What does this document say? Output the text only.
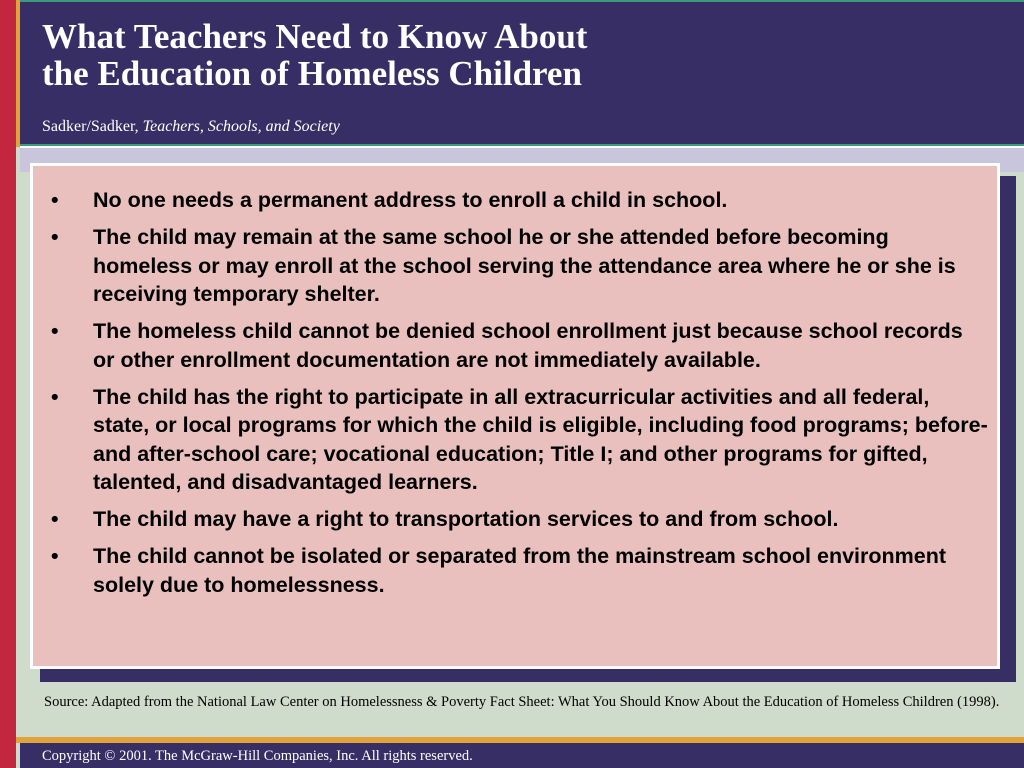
What Teachers Need to Know About
the Education of Homeless Children

Sadker/Sadker, Teachers, Schools, and Society

• No one needs a permanent address to enroll a child in school.
• The child may remain at the same school he or she attended before becoming homeless or may enroll at the school serving the attendance area where he or she is receiving temporary shelter.
• The homeless child cannot be denied school enrollment just because school records or other enrollment documentation are not immediately available.
• The child has the right to participate in all extracurricular activities and all federal, state, or local programs for which the child is eligible, including food programs; before- and after-school care; vocational education; Title I; and other programs for gifted, talented, and disadvantaged learners.
• The child may have a right to transportation services to and from school.
• The child cannot be isolated or separated from the mainstream school environment solely due to homelessness.

Source: Adapted from the National Law Center on Homelessness & Poverty Fact Sheet: What You Should Know About the Education of Homeless Children (1998).

Copyright © 2001. The McGraw-Hill Companies, Inc. All rights reserved.
